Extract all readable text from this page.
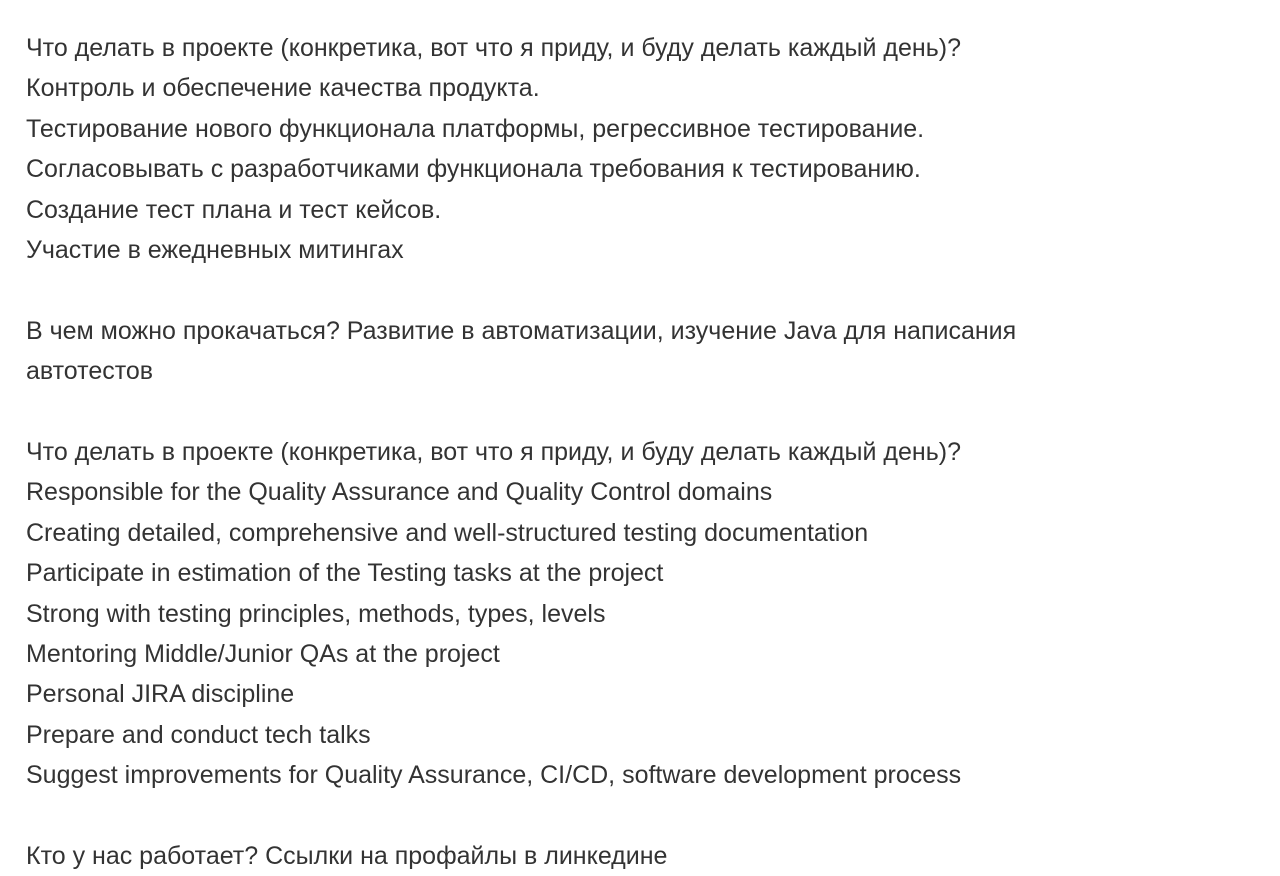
Что делать в проекте (конкретика, вот что я приду, и буду делать каждый день)?
Контроль и обеспечение качества продукта.
Тестирование нового функционала платформы, регрессивное тестирование.
Согласовывать с разработчиками функционала требования к тестированию.
Создание тест плана и тест кейсов.
Участие в ежедневных митингах
В чем можно прокачаться? Развитие в автоматизации, изучение Java для написания
автотестов
Что делать в проекте (конкретика, вот что я приду, и буду делать каждый день)?
Responsible for the Quality Assurance and Quality Control domains
Creating detailed, comprehensive and well-structured testing documentation
Participate in estimation of the Testing tasks at the project
Strong with testing principles, methods, types, levels
Mentoring Middle/Junior QAs at the project
Personal JIRA discipline
Prepare and conduct tech talks
Suggest improvements for Quality Assurance, CI/CD, software development process
Кто у нас работает? Ссылки на профайлы в линкедине
